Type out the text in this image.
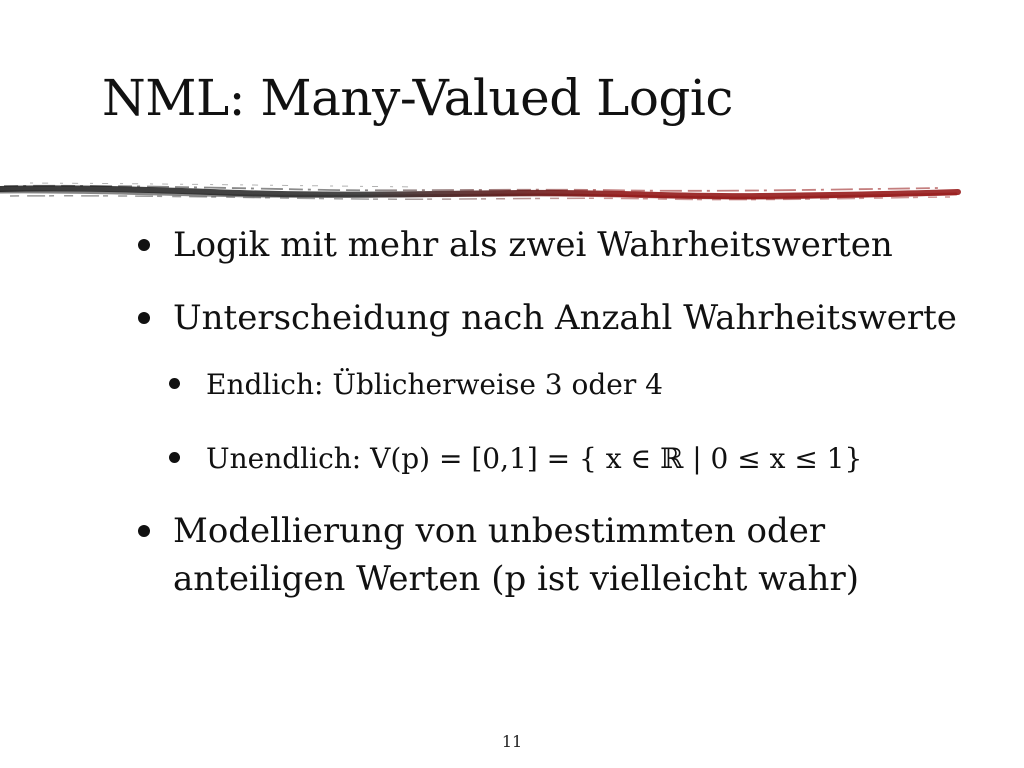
NML: Many-Valued Logic
Logik mit mehr als zwei Wahrheitswerten
Unterscheidung nach Anzahl Wahrheitswerte
Endlich: Üblicherweise 3 oder 4
Unendlich: V(p) = [0,1] = { x ∈ ℝ | 0 ≤ x ≤ 1}
Modellierung von unbestimmten oder
anteiligen Werten (p ist vielleicht wahr)
11
